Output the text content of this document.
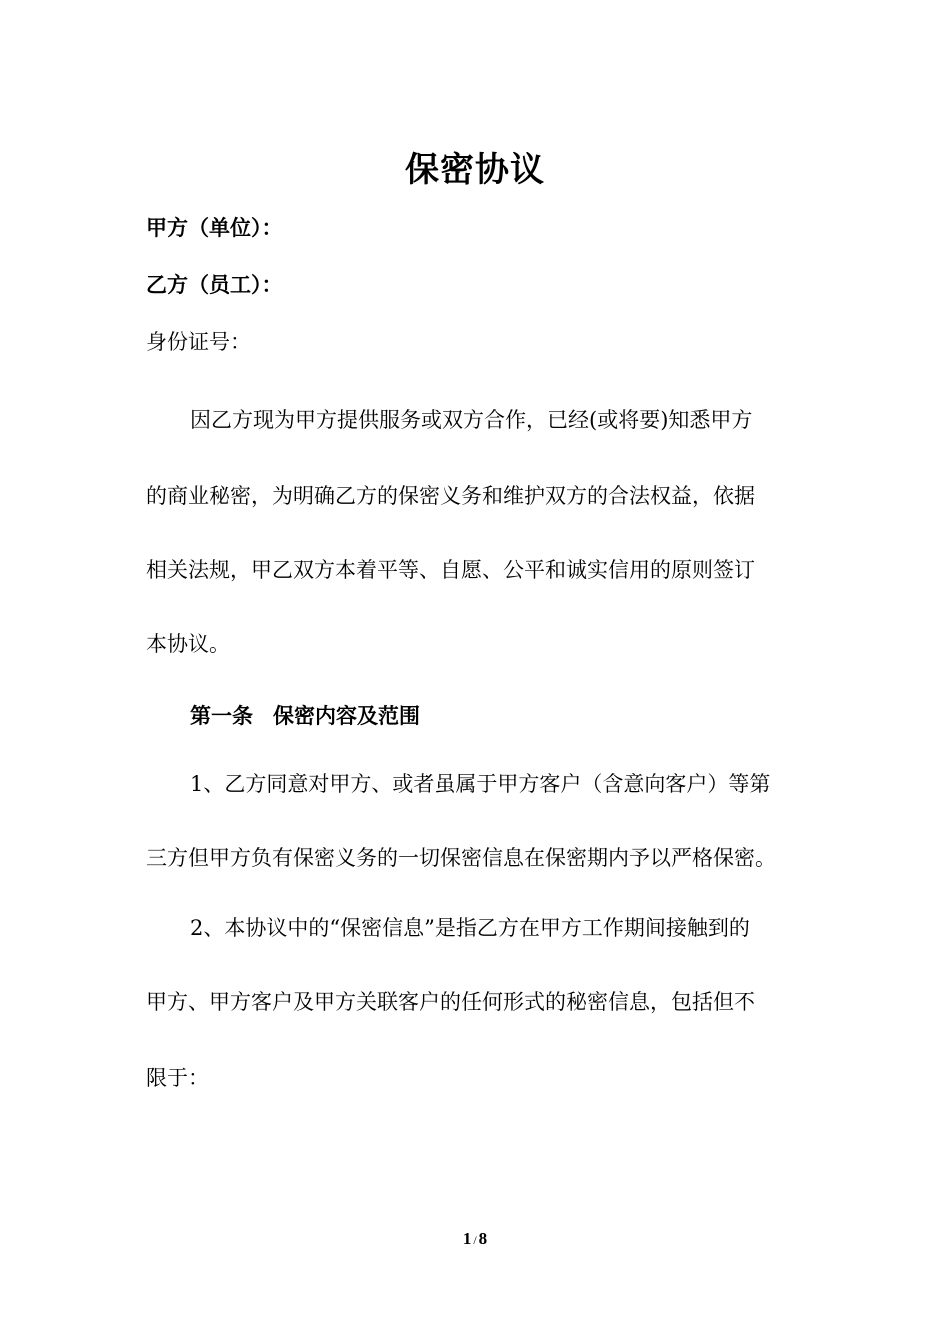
保密协议
甲方（单位）：
乙方（员工）：
身份证号：
因乙方现为甲方提供服务或双方合作，已经(或将要)知悉甲方
的商业秘密，为明确乙方的保密义务和维护双方的合法权益，依据
相关法规，甲乙双方本着平等、自愿、公平和诚实信用的原则签订
本协议。
第一条 保密内容及范围
1、乙方同意对甲方、或者虽属于甲方客户（含意向客户）等第
三方但甲方负有保密义务的一切保密信息在保密期内予以严格保密。
2、本协议中的“保密信息”是指乙方在甲方工作期间接触到的
甲方、甲方客户及甲方关联客户的任何形式的秘密信息，包括但不
限于：
1 / 8
